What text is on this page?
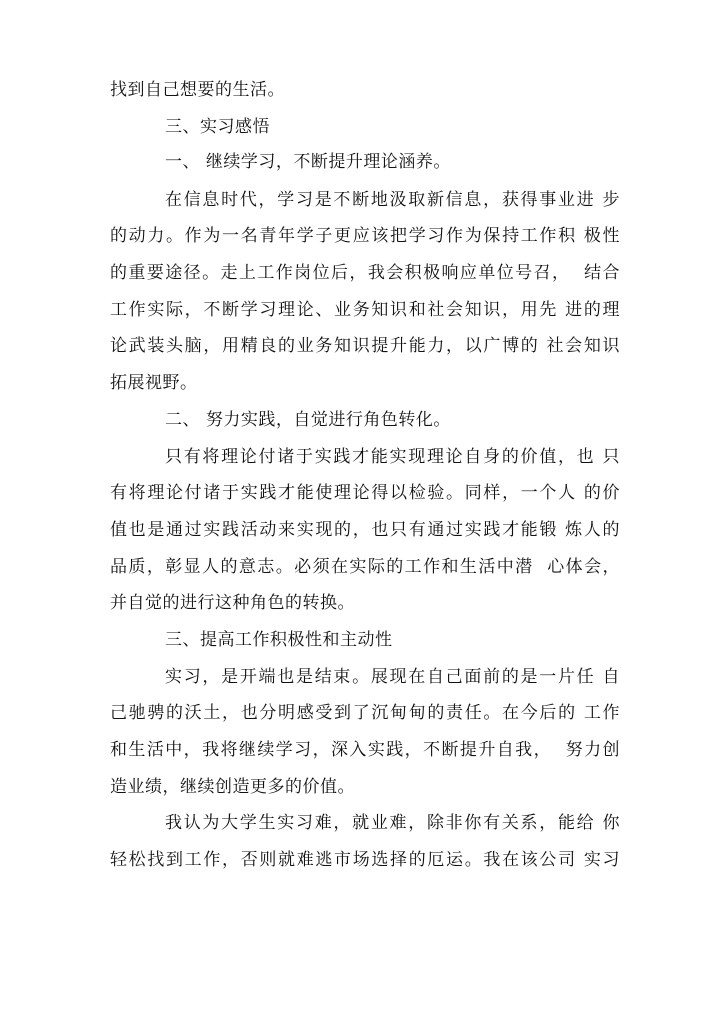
找到自己想要的生活。
三、实习感悟
一、 继续学习，不断提升理论涵养。
在信息时代，学习是不断地汲取新信息，获得事业进 步
的动力。作为一名青年学子更应该把学习作为保持工作积 极性
的重要途径。走上工作岗位后，我会积极响应单位号召，  结合
工作实际，不断学习理论、业务知识和社会知识，用先 进的理
论武装头脑，用精良的业务知识提升能力，以广博的 社会知识
拓展视野。
二、 努力实践，自觉进行角色转化。
只有将理论付诸于实践才能实现理论自身的价值，也 只
有将理论付诸于实践才能使理论得以检验。同样，一个人 的价
值也是通过实践活动来实现的，也只有通过实践才能锻 炼人的
品质，彰显人的意志。必须在实际的工作和生活中潜  心体会，
并自觉的进行这种角色的转换。
三、提高工作积极性和主动性
实习，是开端也是结束。展现在自己面前的是一片任 自
己驰骋的沃土，也分明感受到了沉甸甸的责任。在今后的 工作
和生活中，我将继续学习，深入实践，不断提升自我，  努力创
造业绩，继续创造更多的价值。
我认为大学生实习难，就业难，除非你有关系，能给 你
轻松找到工作，否则就难逃市场选择的厄运。我在该公司 实习
